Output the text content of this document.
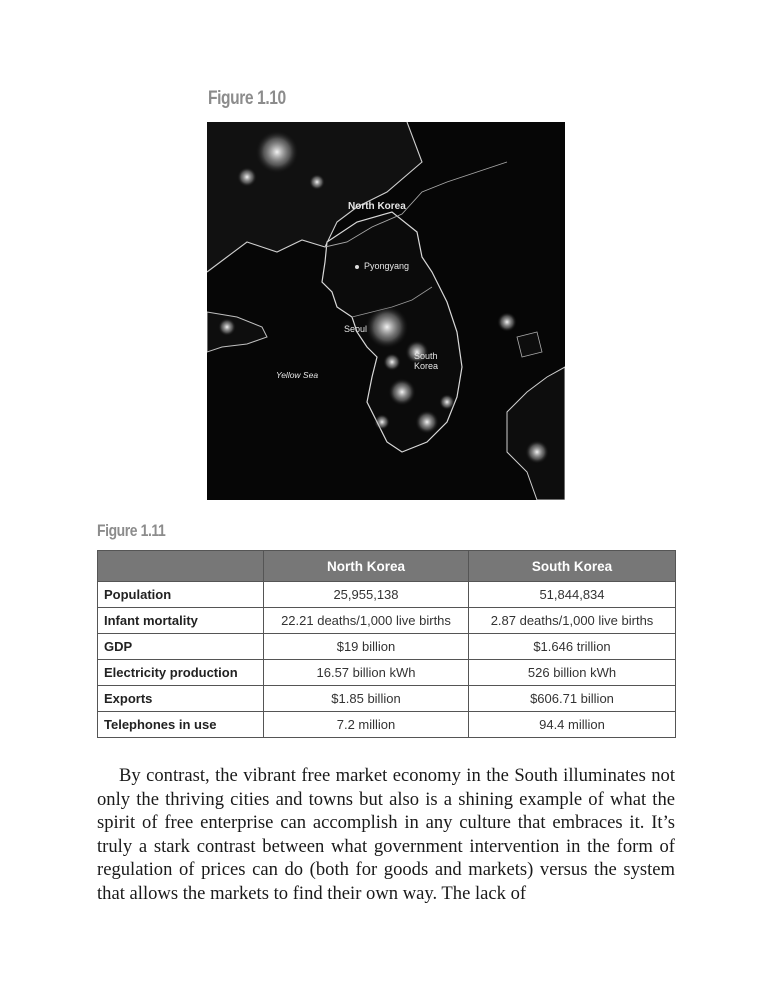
Figure 1.10
North Korea
Pyongyang
Seoul
South
Korea
Yellow Sea
Figure 1.11
	North Korea	South Korea
Population	25,955,138	51,844,834
Infant mortality	22.21 deaths/1,000 live births	2.87 deaths/1,000 live births
GDP	$19 billion	$1.646 trillion
Electricity production	16.57 billion kWh	526 billion kWh
Exports	$1.85 billion	$606.71 billion
Telephones in use	7.2 million	94.4 million

By contrast, the vibrant free market economy in the South illuminates not only the thriving cities and towns but also is a shining example of what the spirit of free enterprise can accomplish in any culture that embraces it. It’s truly a stark contrast between what government intervention in the form of regulation of prices can do (both for goods and markets) versus the system that allows the markets to find their own way. The lack of
